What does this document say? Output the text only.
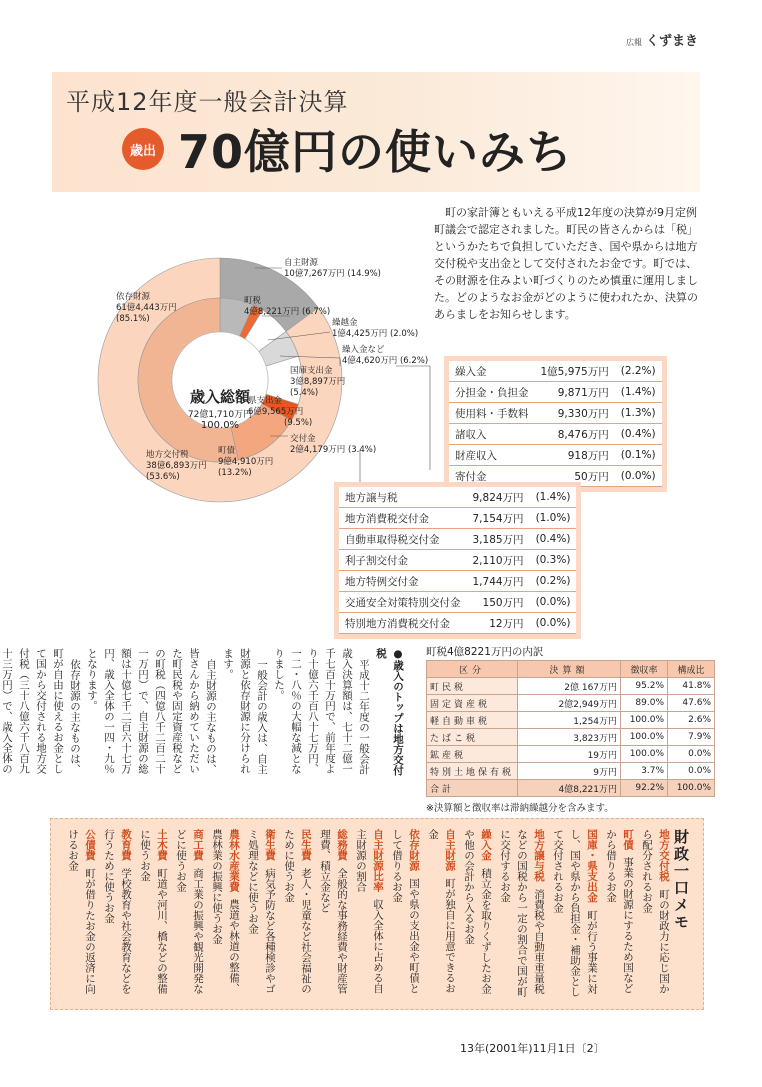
広報 くずまき
平成12年度一般会計決算
歳出 70億円の使いみち

町の家計簿ともいえる平成12年度の決算が9月定例町議会で認定されました。町民の皆さんからは「税」というかたちで負担していただき、国や県からは地方交付税や支出金として交付されたお金です。町では、その財源を住みよい町づくりのため慎重に運用しました。どのようなお金がどのように使われたか、決算のあらましをお知らせします。

歳入総額
72億1,710万円
100.0%
自主財源
10億7,267万円 (14.9%)
依存財源
61億4,443万円
(85.1%)
町税
4億8,221万円 (6.7%)
繰越金
1億4,425万円 (2.0%)
繰入金など
4億4,620万円 (6.2%)
国庫支出金
3億8,897万円
(5.4%)
県支出金
6億9,565万円
(9.5%)
交付金
2億4,179万円 (3.4%)
町債
9億4,910万円
(13.2%)
地方交付税
38億6,893万円
(53.6%)
繰入金	1億5,975万円	(2.2%)
分担金・負担金	9,871万円	(1.4%)
使用料・手数料	9,330万円	(1.3%)
諸収入	8,476万円	(0.4%)
財産収入	918万円	(0.1%)
寄付金	50万円	(0.0%)
地方譲与税	9,824万円	(1.4%)
地方消費税交付金	7,154万円	(1.0%)
自動車取得税交付金	3,185万円	(0.4%)
利子割交付金	2,110万円	(0.3%)
地方特例交付金	1,744万円	(0.2%)
交通安全対策特別交付金	150万円	(0.0%)
特別地方消費税交付金	12万円	(0.0%)

●歳入のトップは地方交付税

平成十二年度の一般会計歳入決算額は、七十二億一千七百十万円で、前年度より十億六千百八十七万円、一二・八％の大幅な減となりました。

一般会計の歳入は、自主財源と依存財源に分けられます。

自主財源の主なものは、皆さんから納めていただいた町民税や固定資産税などの町税（四億八千二百二十一万円）で、自主財源の総額は十億七千二百六十七万円、歳入全体の一四・九％となります。

依存財源の主なものは、町が自由に使えるお金として国から交付される地方交付税（三十八億六千八百九十三万円）で、歳入全体の

町税4億8221万円の内訳
区分	決算額	徴収率	構成比
町民税	2億 167万円	95.2%	41.8%
固定資産税	2億2,949万円	89.0%	47.6%
軽自動車税	1,254万円	100.0%	2.6%
たばこ税	3,823万円	100.0%	7.9%
鉱産税	19万円	100.0%	0.0%
特別土地保有税	9万円	3.7%	0.0%
合計	4億8,221万円	92.2%	100.0%
※決算額と徴収率は滞納繰越分を含みます。
財政一口メモ
地方交付税 町の財政力に応じ国から配分されるお金
町債 事業の財源にするため国などから借りるお金
国庫・県支出金 町が行う事業に対し、国や県から負担金・補助金として交付されるお金
地方譲与税 消費税や自動車重量税などの国税から一定の割合で国が町に交付するお金
繰入金 積立金を取りくずしたお金や他の会計から入るお金
自主財源 町が独自に用意できるお金
依存財源 国や県の支出金や町債として借りるお金
自主財源比率 収入全体に占める自主財源の割合
総務費 全般的な事務経費や財産管理費、積立金など
民生費 老人・児童など社会福祉のために使うお金
衛生費 病気予防など各種検診やゴミ処理などに使うお金
農林水産業費 農道や林道の整備、農林業の振興に使うお金
商工費 商工業の振興や観光開発などに使うお金
土木費 町道や河川、橋などの整備に使うお金
教育費 学校教育や社会教育などを行うために使うお金
公債費 町が借りたお金の返済に向けるお金
13年(2001年)11月1日〔2〕
